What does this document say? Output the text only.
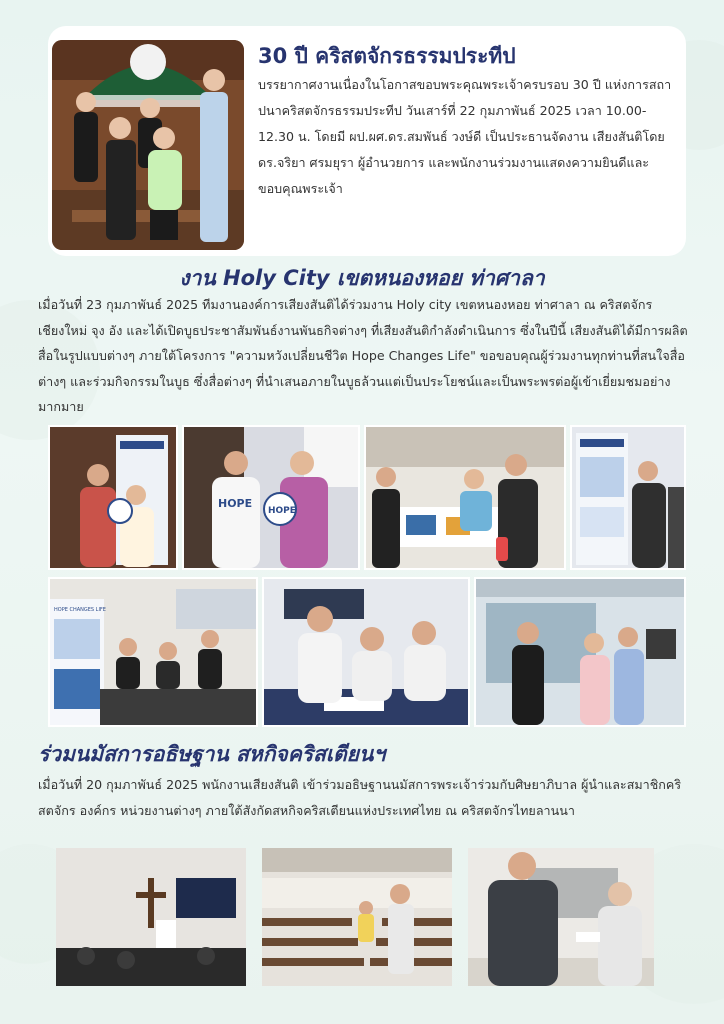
30 ปี คริสตจักรธรรมประทีป
บรรยากาศงานเนื่องในโอกาสขอบพระคุณพระเจ้าครบรอบ 30 ปี แห่งการสถาปนาคริสตจักรธรรมประทีป วันเสาร์ที่ 22 กุมภาพันธ์ 2025 เวลา 10.00-12.30 น. โดยมี ผป.ผศ.ดร.สมพันธ์ วงษ์ดี เป็นประธานจัดงาน เสียงสันติโดย ดร.จริยา ศรมยุรา ผู้อำนวยการ และพนักงานร่วมงานแสดงความยินดีและขอบคุณพระเจ้า
งาน Holy City เขตหนองหอย ท่าศาลา
เมื่อวันที่ 23 กุมภาพันธ์ 2025 ทีมงานองค์การเสียงสันติได้ร่วมงาน Holy city เขตหนองหอย ท่าศาลา ณ คริสตจักรเชียงใหม่ จุง อัง และได้เปิดบูธประชาสัมพันธ์งานพันธกิจต่างๆ ที่เสียงสันติกำลังดำเนินการ ซึ่งในปีนี้ เสียงสันติได้มีการผลิตสื่อในรูปแบบต่างๆ ภายใต้โครงการ "ความหวังเปลี่ยนชีวิต Hope Changes Life" ขอขอบคุณผู้ร่วมงานทุกท่านที่สนใจสื่อต่างๆ และร่วมกิจกรรมในบูธ ซึ่งสื่อต่างๆ ที่นำเสนอภายในบูธล้วนแต่เป็นประโยชน์และเป็นพระพรต่อผู้เข้าเยี่ยมชมอย่างมากมาย
HOPE
HOPE
HOPE CHANGES LIFE
ร่วมนมัสการอธิษฐาน สหกิจคริสเตียนฯ
เมื่อวันที่ 20 กุมภาพันธ์ 2025 พนักงานเสียงสันติ เข้าร่วมอธิษฐานนมัสการพระเจ้าร่วมกับศิษยาภิบาล ผู้นำและสมาชิกคริสตจักร องค์กร หน่วยงานต่างๆ ภายใต้สังกัดสหกิจคริสเตียนแห่งประเทศไทย ณ คริสตจักรไทยลานนา
